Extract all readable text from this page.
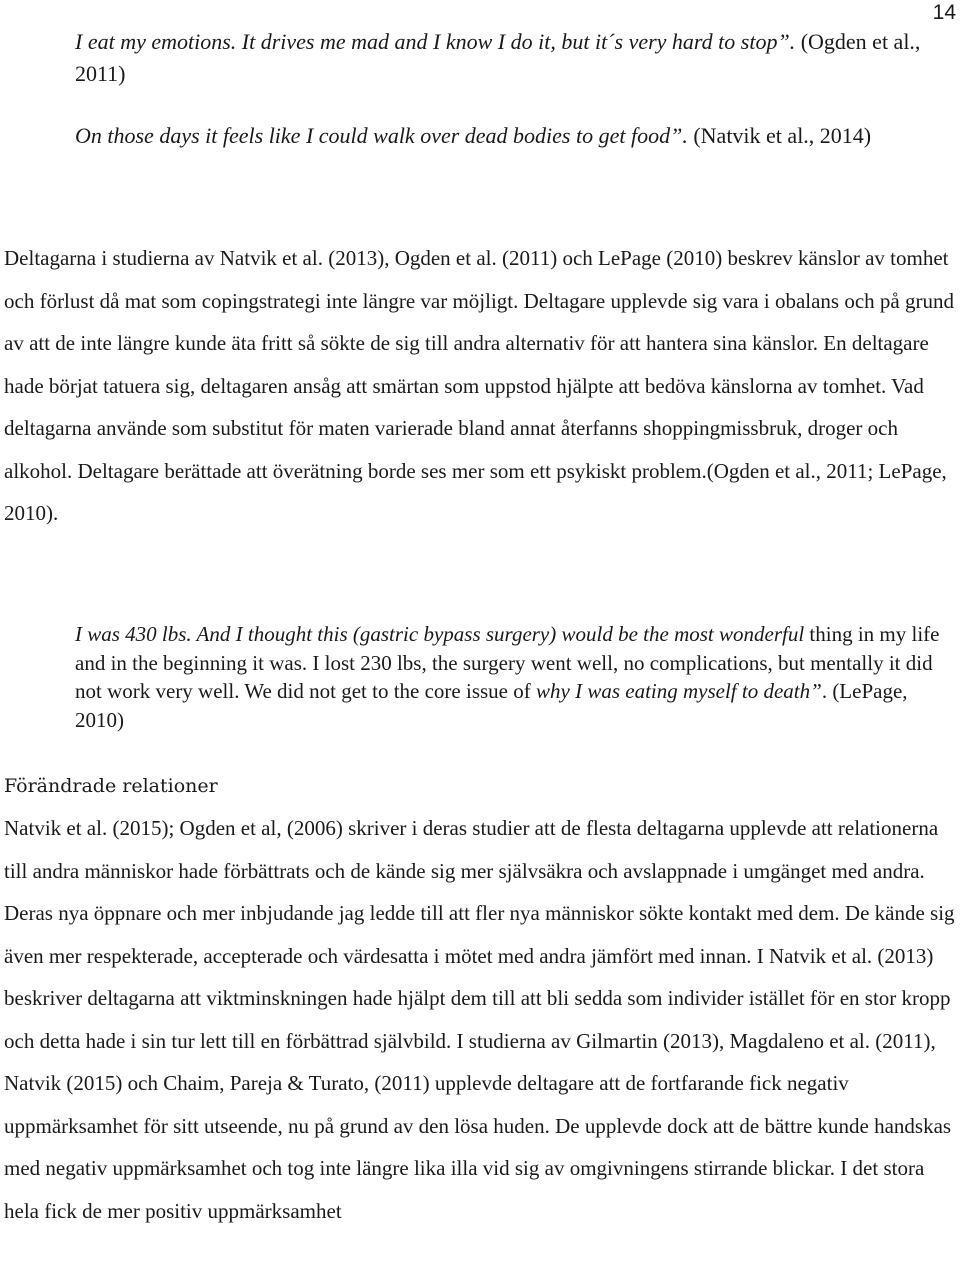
14

I eat my emotions. It drives me mad and I know I do it, but it´s very hard to stop”. (Ogden et al., 2011)

On those days it feels like I could walk over dead bodies to get food”. (Natvik et al., 2014)

Deltagarna i studierna av Natvik et al. (2013), Ogden et al. (2011) och LePage (2010) beskrev känslor av tomhet och förlust då mat som copingstrategi inte längre var möjligt. Deltagare upplevde sig vara i obalans och på grund av att de inte längre kunde äta fritt så sökte de sig till andra alternativ för att hantera sina känslor. En deltagare hade börjat tatuera sig, deltagaren ansåg att smärtan som uppstod hjälpte att bedöva känslorna av tomhet. Vad deltagarna använde som substitut för maten varierade bland annat återfanns shoppingmissbruk, droger och alkohol. Deltagare berättade att överätning borde ses mer som ett psykiskt problem.(Ogden et al., 2011; LePage, 2010).

I was 430 lbs. And I thought this (gastric bypass surgery) would be the most wonderful thing in my life and in the beginning it was. I lost 230 lbs, the surgery went well, no complications, but mentally it did not work very well. We did not get to the core issue of why I was eating myself to death”. (LePage, 2010)

Förändrade relationer

Natvik et al. (2015); Ogden et al, (2006) skriver i deras studier att de flesta deltagarna upplevde att relationerna till andra människor hade förbättrats och de kände sig mer självsäkra och avslappnade i umgänget med andra. Deras nya öppnare och mer inbjudande jag ledde till att fler nya människor sökte kontakt med dem. De kände sig även mer respekterade, accepterade och värdesatta i mötet med andra jämfört med innan. I Natvik et al. (2013) beskriver deltagarna att viktminskningen hade hjälpt dem till att bli sedda som individer istället för en stor kropp och detta hade i sin tur lett till en förbättrad självbild. I studierna av Gilmartin (2013), Magdaleno et al. (2011), Natvik (2015) och Chaim, Pareja & Turato, (2011) upplevde deltagare att de fortfarande fick negativ uppmärksamhet för sitt utseende, nu på grund av den lösa huden. De upplevde dock att de bättre kunde handskas med negativ uppmärksamhet och tog inte längre lika illa vid sig av omgivningens stirrande blickar. I det stora hela fick de mer positiv uppmärksamhet
